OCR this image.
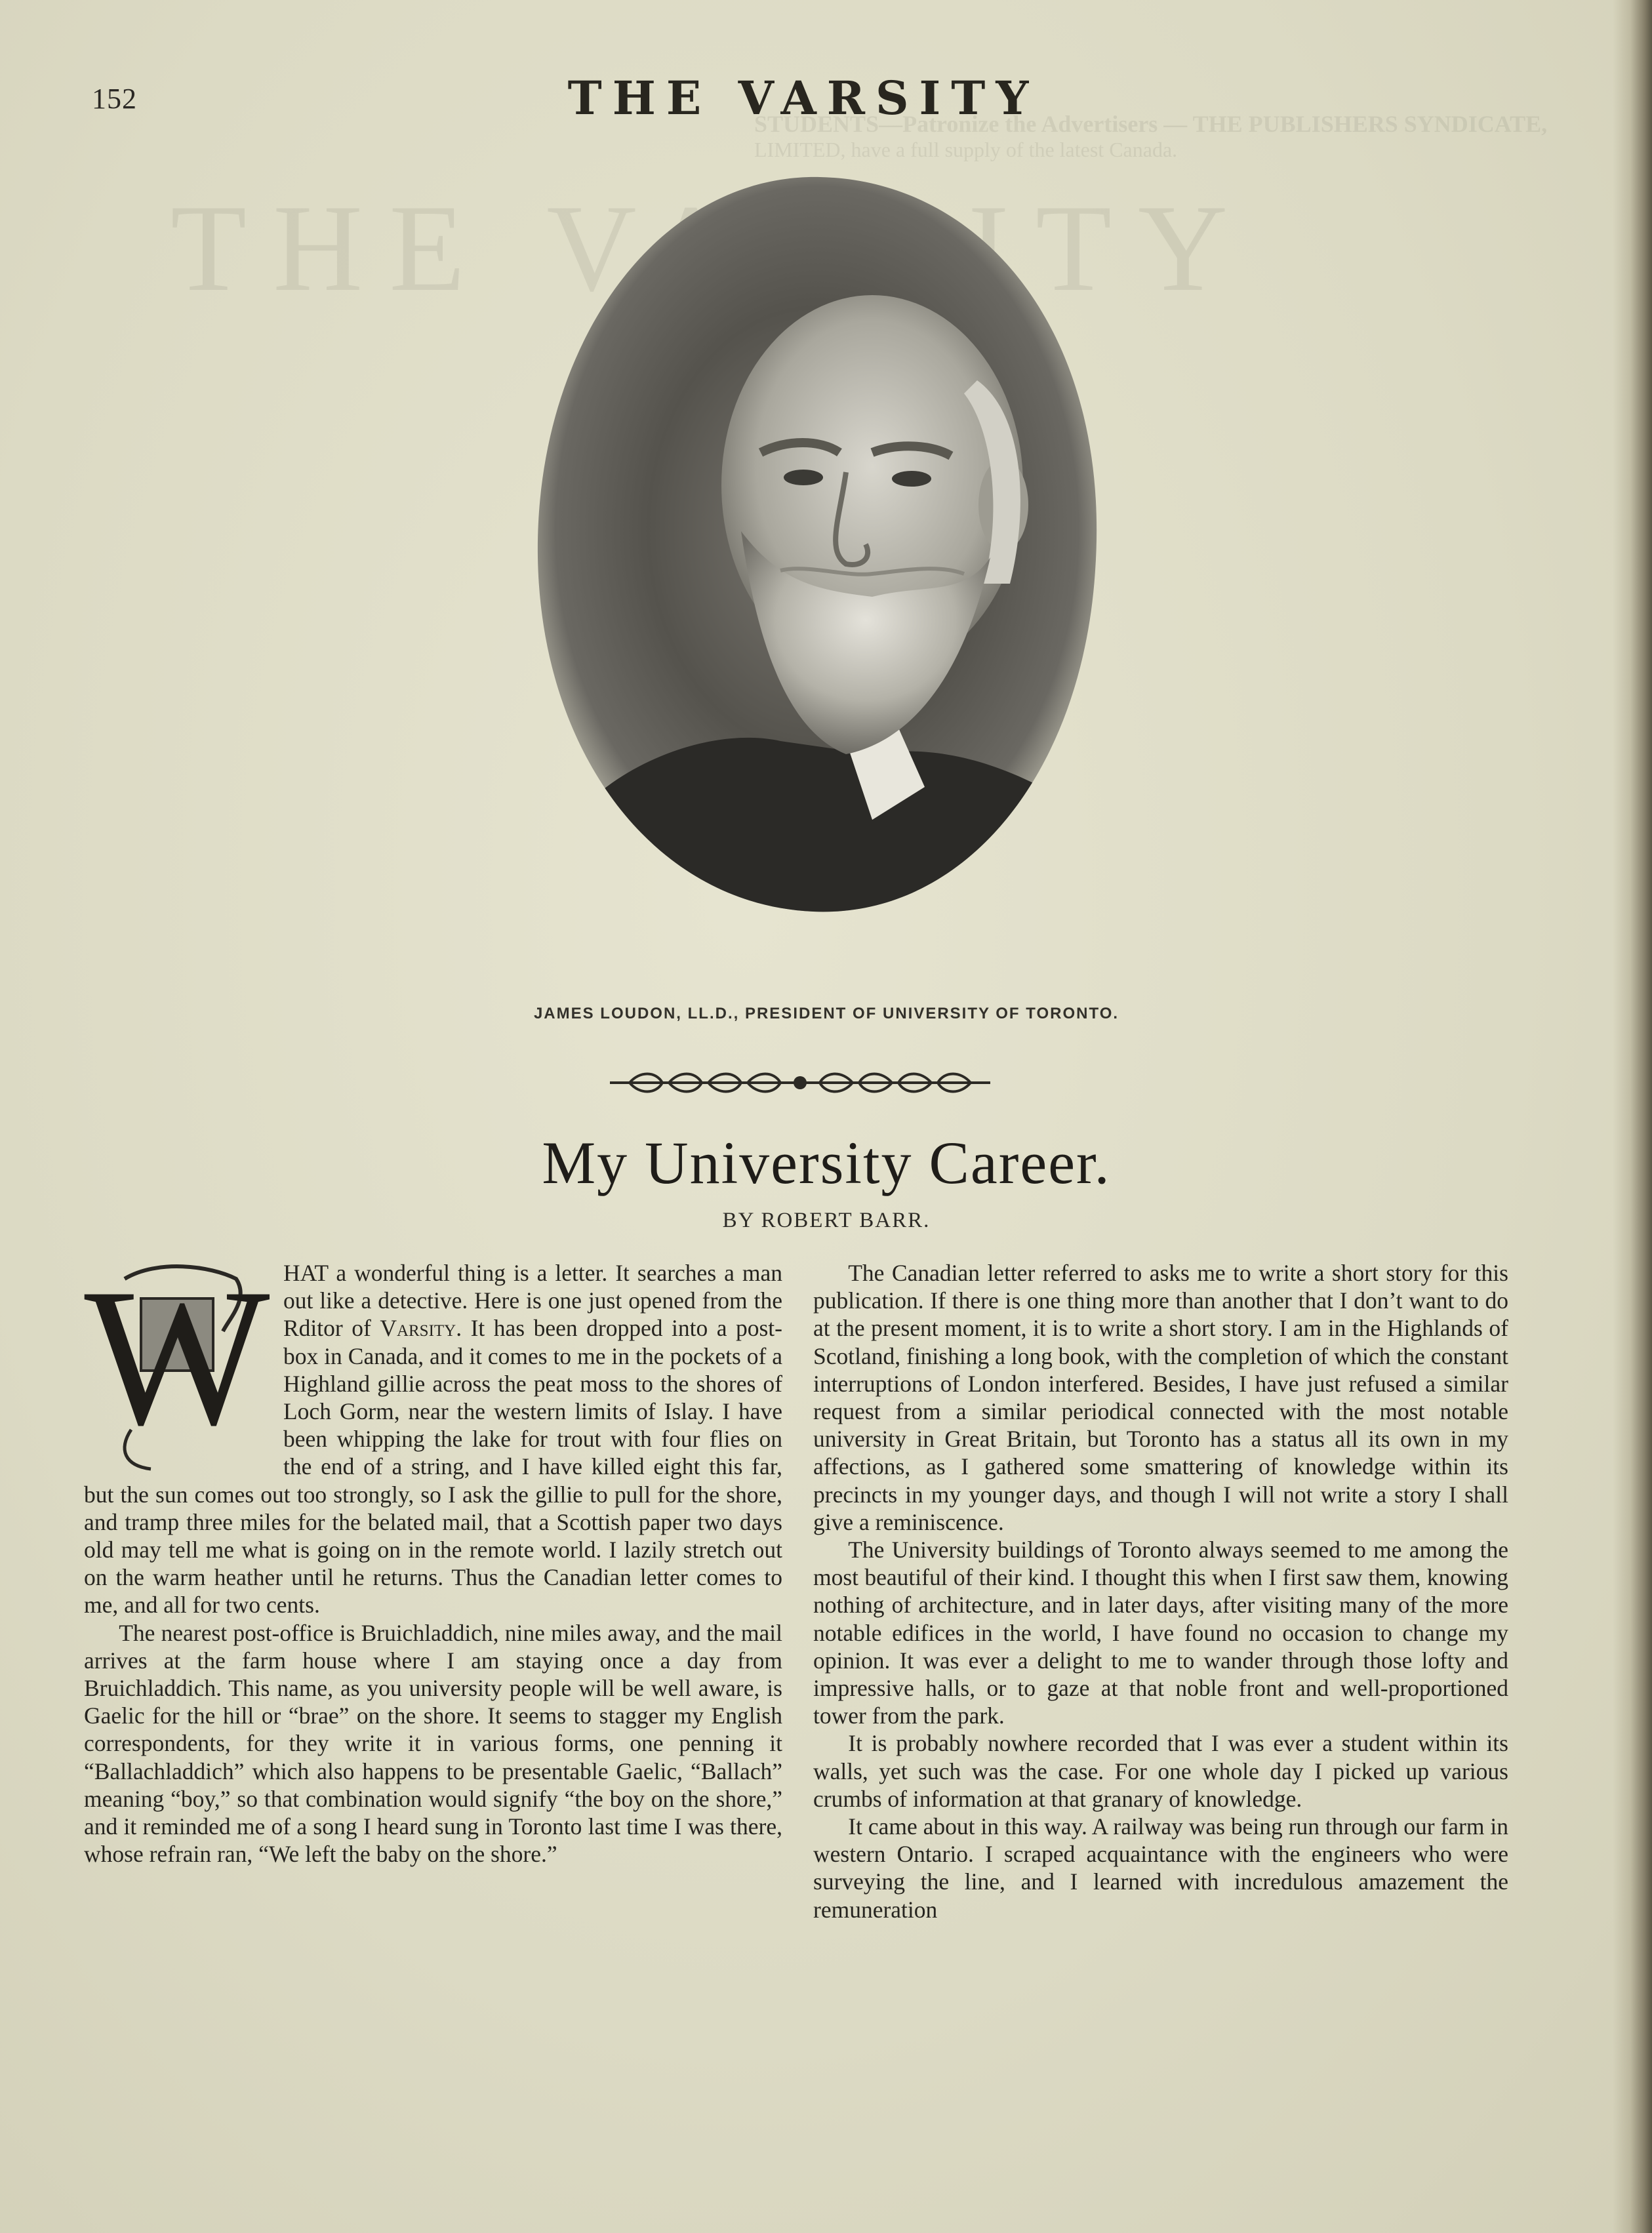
STUDENTS—Patronize the Advertisers — THE PUBLISHERS SYNDICATE,
LIMITED, have a full supply of the latest Canada.
THE
152	THE VARSITY
JAMES LOUDON, LL.D., PRESIDENT OF UNIVERSITY OF TORONTO.
My University Career.
BY ROBERT BARR.
W HAT a wonderful thing is a letter. It searches a man out like a detective. Here is one just opened from the Rditor of Varsity. It has been dropped into a post-box in Canada, and it comes to me in the pockets of a Highland gillie across the peat moss to the shores of Loch Gorm, near the western limits of Islay. I have been whipping the lake for trout with four flies on the end of a string, and I have killed eight this far, but the sun comes out too strongly, so I ask the gillie to pull for the shore, and tramp three miles for the belated mail, that a Scottish paper two days old may tell me what is going on in the remote world. I lazily stretch out on the warm heather until he returns. Thus the Canadian letter comes to me, and all for two cents.

The nearest post-office is Bruichladdich, nine miles away, and the mail arrives at the farm house where I am staying once a day from Bruichladdich. This name, as you university people will be well aware, is Gaelic for the hill or “brae” on the shore. It seems to stagger my English correspondents, for they write it in various forms, one penning it “Ballachladdich” which also happens to be presentable Gaelic, “Ballach” meaning “boy,” so that combination would signify “the boy on the shore,” and it reminded me of a song I heard sung in Toronto last time I was there, whose refrain ran, “We left the baby on the shore.”

The Canadian letter referred to asks me to write a short story for this publication. If there is one thing more than another that I don’t want to do at the present moment, it is to write a short story. I am in the Highlands of Scotland, finishing a long book, with the completion of which the constant interruptions of London interfered. Besides, I have just refused a similar request from a similar periodical connected with the most notable university in Great Britain, but Toronto has a status all its own in my affections, as I gathered some smattering of knowledge within its precincts in my younger days, and though I will not write a story I shall give a reminiscence.

The University buildings of Toronto always seemed to me among the most beautiful of their kind. I thought this when I first saw them, knowing nothing of architecture, and in later days, after visiting many of the more notable edifices in the world, I have found no occasion to change my opinion. It was ever a delight to me to wander through those lofty and impressive halls, or to gaze at that noble front and well-proportioned tower from the park.

It is probably nowhere recorded that I was ever a student within its walls, yet such was the case. For one whole day I picked up various crumbs of information at that granary of knowledge.

It came about in this way. A railway was being run through our farm in western Ontario. I scraped acquaintance with the engineers who were surveying the line, and I learned with incredulous amazement the remuneration
